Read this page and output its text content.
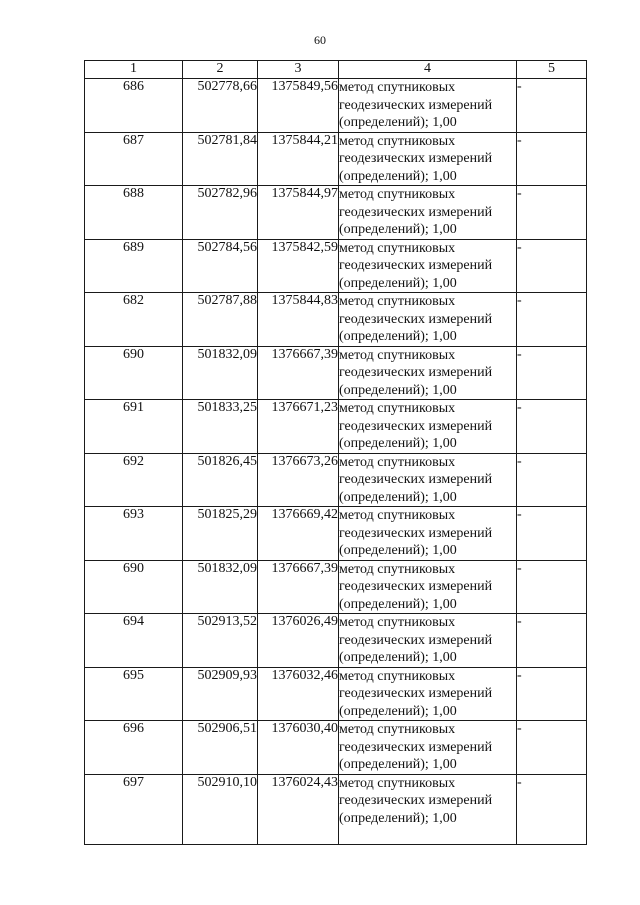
60
1	2	3	4	5
686	502778,66	1375849,56	метод спутниковых
геодезических измерений
(определений); 1,00	-
687	502781,84	1375844,21	метод спутниковых
геодезических измерений
(определений); 1,00	-
688	502782,96	1375844,97	метод спутниковых
геодезических измерений
(определений); 1,00	-
689	502784,56	1375842,59	метод спутниковых
геодезических измерений
(определений); 1,00	-
682	502787,88	1375844,83	метод спутниковых
геодезических измерений
(определений); 1,00	-
690	501832,09	1376667,39	метод спутниковых
геодезических измерений
(определений); 1,00	-
691	501833,25	1376671,23	метод спутниковых
геодезических измерений
(определений); 1,00	-
692	501826,45	1376673,26	метод спутниковых
геодезических измерений
(определений); 1,00	-
693	501825,29	1376669,42	метод спутниковых
геодезических измерений
(определений); 1,00	-
690	501832,09	1376667,39	метод спутниковых
геодезических измерений
(определений); 1,00	-
694	502913,52	1376026,49	метод спутниковых
геодезических измерений
(определений); 1,00	-
695	502909,93	1376032,46	метод спутниковых
геодезических измерений
(определений); 1,00	-
696	502906,51	1376030,40	метод спутниковых
геодезических измерений
(определений); 1,00	-
697	502910,10	1376024,43	метод спутниковых
геодезических измерений
(определений); 1,00	-
